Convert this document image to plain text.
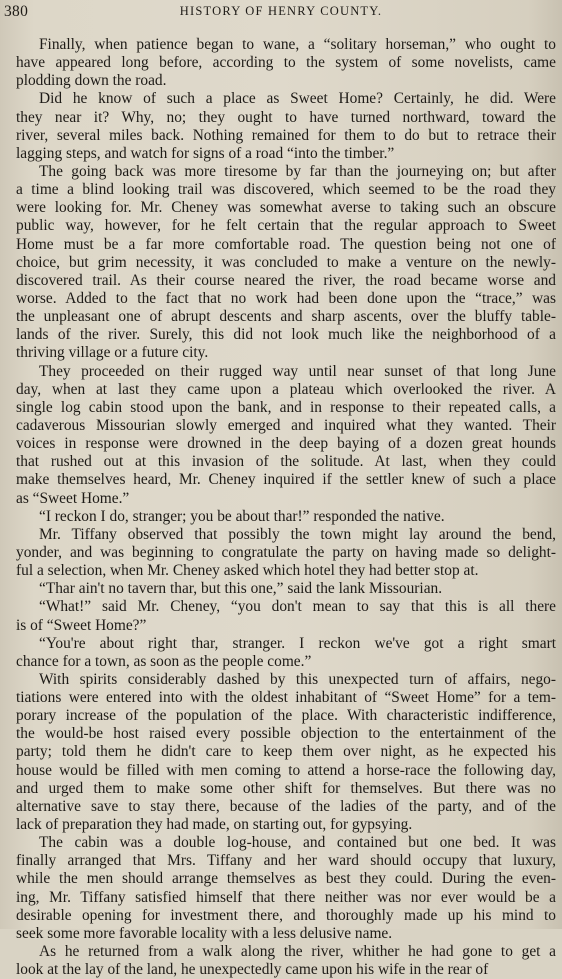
380	HISTORY OF HENRY COUNTY.
Finally, when patience began to wane, a “solitary horseman,” who ought to
have appeared long before, according to the system of some novelists, came
plodding down the road.
Did he know of such a place as Sweet Home? Certainly, he did. Were
they near it? Why, no; they ought to have turned northward, toward the
river, several miles back. Nothing remained for them to do but to retrace their
lagging steps, and watch for signs of a road “into the timber.”
The going back was more tiresome by far than the journeying on; but after
a time a blind looking trail was discovered, which seemed to be the road they
were looking for. Mr. Cheney was somewhat averse to taking such an obscure
public way, however, for he felt certain that the regular approach to Sweet
Home must be a far more comfortable road. The question being not one of
choice, but grim necessity, it was concluded to make a venture on the newly-
discovered trail. As their course neared the river, the road became worse and
worse. Added to the fact that no work had been done upon the “trace,” was
the unpleasant one of abrupt descents and sharp ascents, over the bluffy table-
lands of the river. Surely, this did not look much like the neighborhood of a
thriving village or a future city.
They proceeded on their rugged way until near sunset of that long June
day, when at last they came upon a plateau which overlooked the river. A
single log cabin stood upon the bank, and in response to their repeated calls, a
cadaverous Missourian slowly emerged and inquired what they wanted. Their
voices in response were drowned in the deep baying of a dozen great hounds
that rushed out at this invasion of the solitude. At last, when they could
make themselves heard, Mr. Cheney inquired if the settler knew of such a place
as “Sweet Home.”
“I reckon I do, stranger; you be about thar!” responded the native.
Mr. Tiffany observed that possibly the town might lay around the bend,
yonder, and was beginning to congratulate the party on having made so delight-
ful a selection, when Mr. Cheney asked which hotel they had better stop at.
“Thar ain't no tavern thar, but this one,” said the lank Missourian.
“What!” said Mr. Cheney, “you don't mean to say that this is all there
is of “Sweet Home?”
“You're about right thar, stranger. I reckon we've got a right smart
chance for a town, as soon as the people come.”
With spirits considerably dashed by this unexpected turn of affairs, nego-
tiations were entered into with the oldest inhabitant of “Sweet Home” for a tem-
porary increase of the population of the place. With characteristic indifference,
the would-be host raised every possible objection to the entertainment of the
party; told them he didn't care to keep them over night, as he expected his
house would be filled with men coming to attend a horse-race the following day,
and urged them to make some other shift for themselves. But there was no
alternative save to stay there, because of the ladies of the party, and of the
lack of preparation they had made, on starting out, for gypsying.
The cabin was a double log-house, and contained but one bed. It was
finally arranged that Mrs. Tiffany and her ward should occupy that luxury,
while the men should arrange themselves as best they could. During the even-
ing, Mr. Tiffany satisfied himself that there neither was nor ever would be a
desirable opening for investment there, and thoroughly made up his mind to
seek some more favorable locality with a less delusive name.
As he returned from a walk along the river, whither he had gone to get a
look at the lay of the land, he unexpectedly came upon his wife in the rear of
